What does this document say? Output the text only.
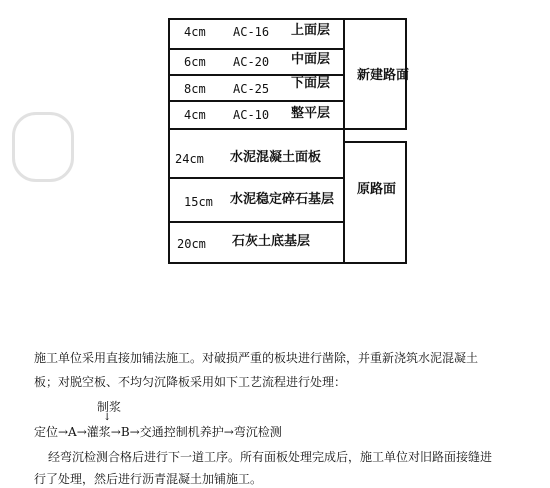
新建路面
原路面
4cm AC-16 上面层
6cm AC-20 中面层
8cm AC-25 下面层
4cm AC-10 整平层
24cm 水泥混凝土面板
15cm 水泥稳定碎石基层
20cm 石灰土底基层
施工单位采用直接加铺法施工。对破损严重的板块进行凿除，并重新浇筑水泥混凝土
板；对脱空板、不均匀沉降板采用如下工艺流程进行处理：
制浆
↓
定位→A→灌浆→B→交通控制机养护→弯沉检测
经弯沉检测合格后进行下一道工序。所有面板处理完成后，施工单位对旧路面接缝进
行了处理，然后进行沥青混凝土加铺施工。
